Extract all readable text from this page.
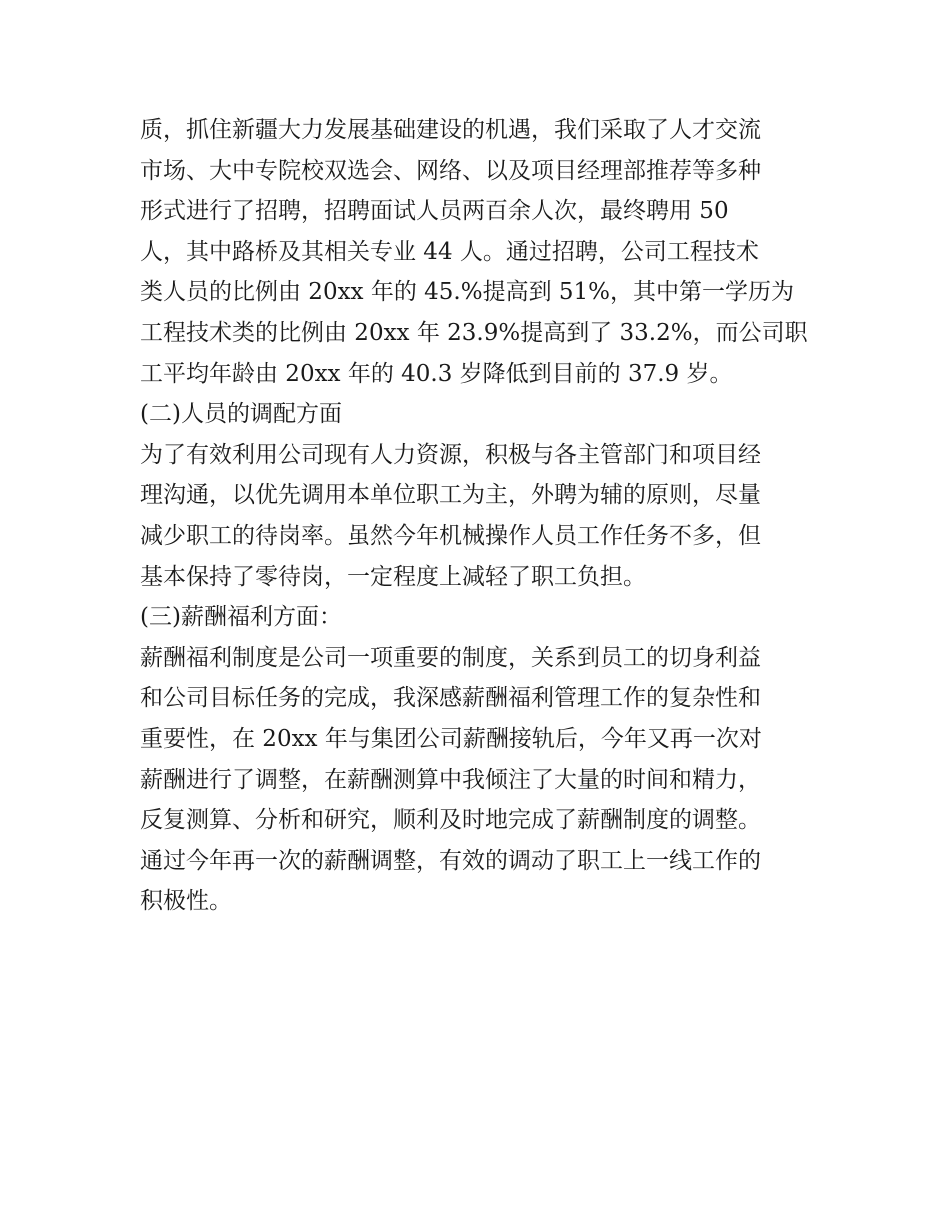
质，抓住新疆大力发展基础建设的机遇，我们采取了人才交流
市场、大中专院校双选会、网络、以及项目经理部推荐等多种
形式进行了招聘，招聘面试人员两百余人次，最终聘用 50
人，其中路桥及其相关专业 44 人。通过招聘，公司工程技术
类人员的比例由 20xx 年的 45.%提高到 51%，其中第一学历为
工程技术类的比例由 20xx 年 23.9%提高到了 33.2%，而公司职
工平均年龄由 20xx 年的 40.3 岁降低到目前的 37.9 岁。
(二)人员的调配方面
为了有效利用公司现有人力资源，积极与各主管部门和项目经
理沟通，以优先调用本单位职工为主，外聘为辅的原则，尽量
减少职工的待岗率。虽然今年机械操作人员工作任务不多，但
基本保持了零待岗，一定程度上减轻了职工负担。
(三)薪酬福利方面：
薪酬福利制度是公司一项重要的制度，关系到员工的切身利益
和公司目标任务的完成，我深感薪酬福利管理工作的复杂性和
重要性，在 20xx 年与集团公司薪酬接轨后，今年又再一次对
薪酬进行了调整，在薪酬测算中我倾注了大量的时间和精力，
反复测算、分析和研究，顺利及时地完成了薪酬制度的调整。
通过今年再一次的薪酬调整，有效的调动了职工上一线工作的
积极性。
